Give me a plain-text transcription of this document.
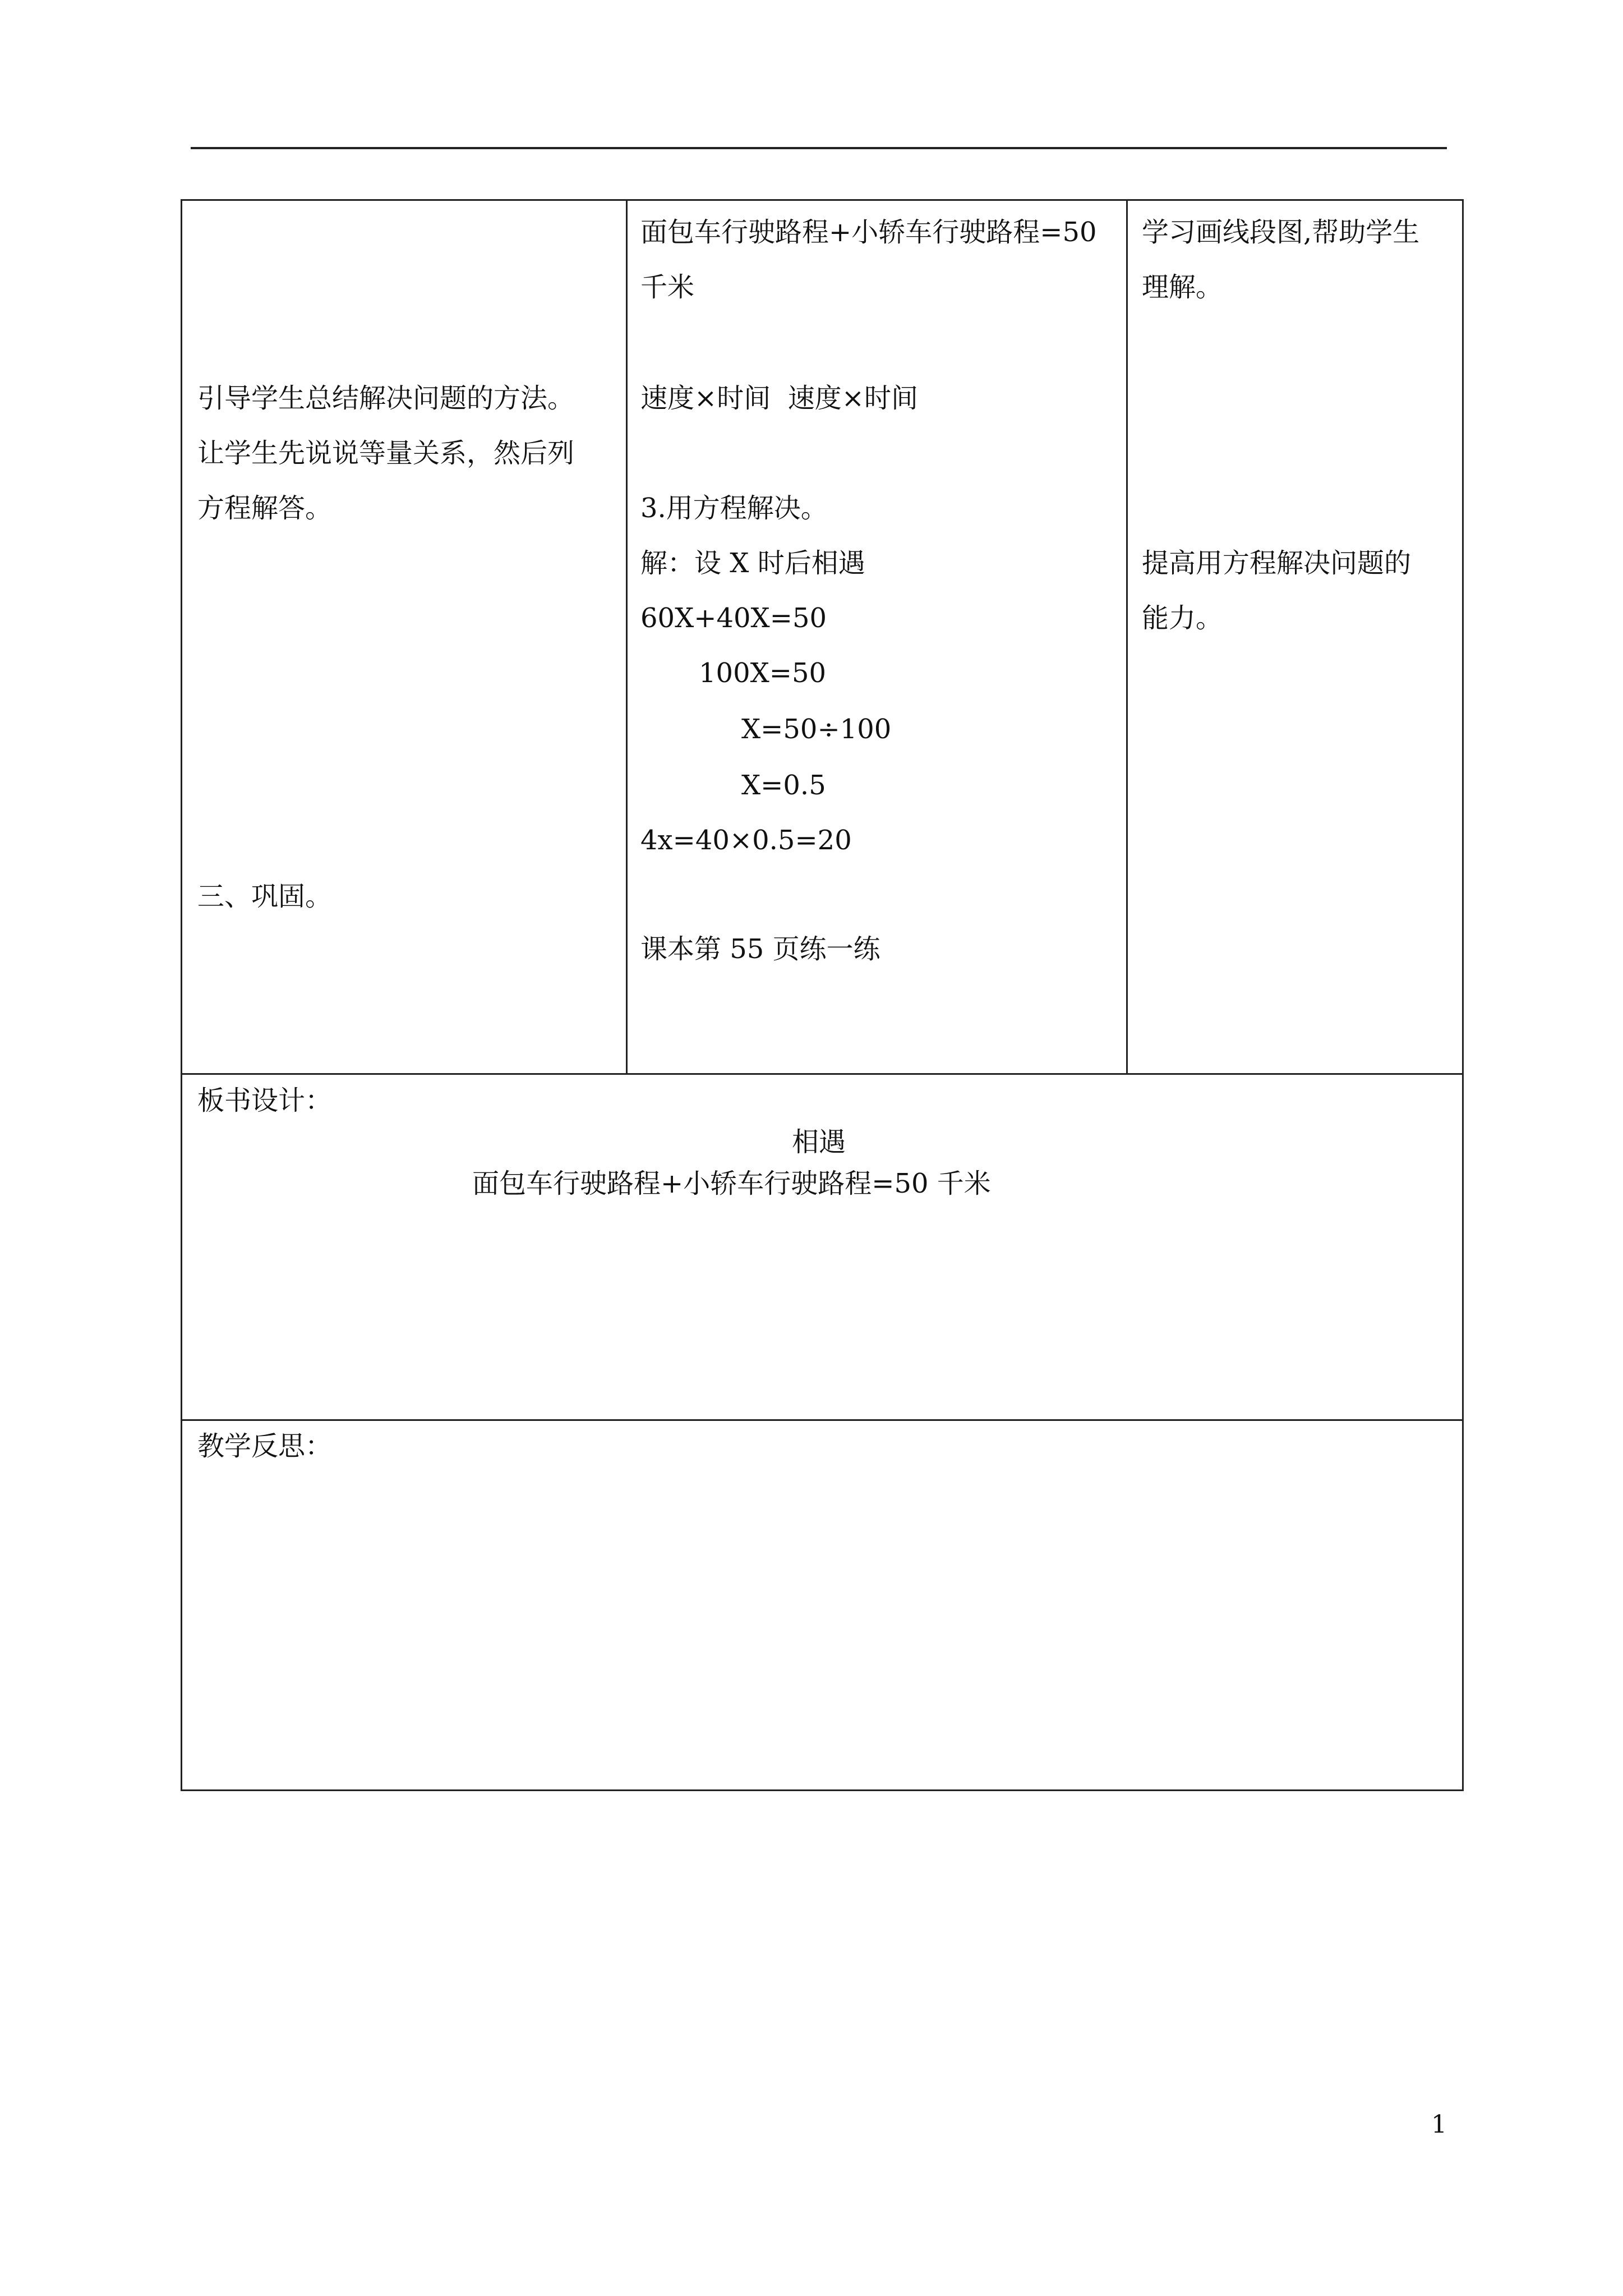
引导学生总结解决问题的方法。
让学生先说说等量关系，然后列
方程解答。
三、巩固。
面包车行驶路程+小轿车行驶路程=50
千米
速度×时间  速度×时间
3.用方程解决。
解：设 X 时后相遇
60X+40X=50
100X=50
X=50÷100
X=0.5
4x=40×0.5=20
课本第 55 页练一练
学习画线段图,帮助学生
理解。
提高用方程解决问题的
能力。
板书设计：
相遇
面包车行驶路程+小轿车行驶路程=50 千米
教学反思：
1
